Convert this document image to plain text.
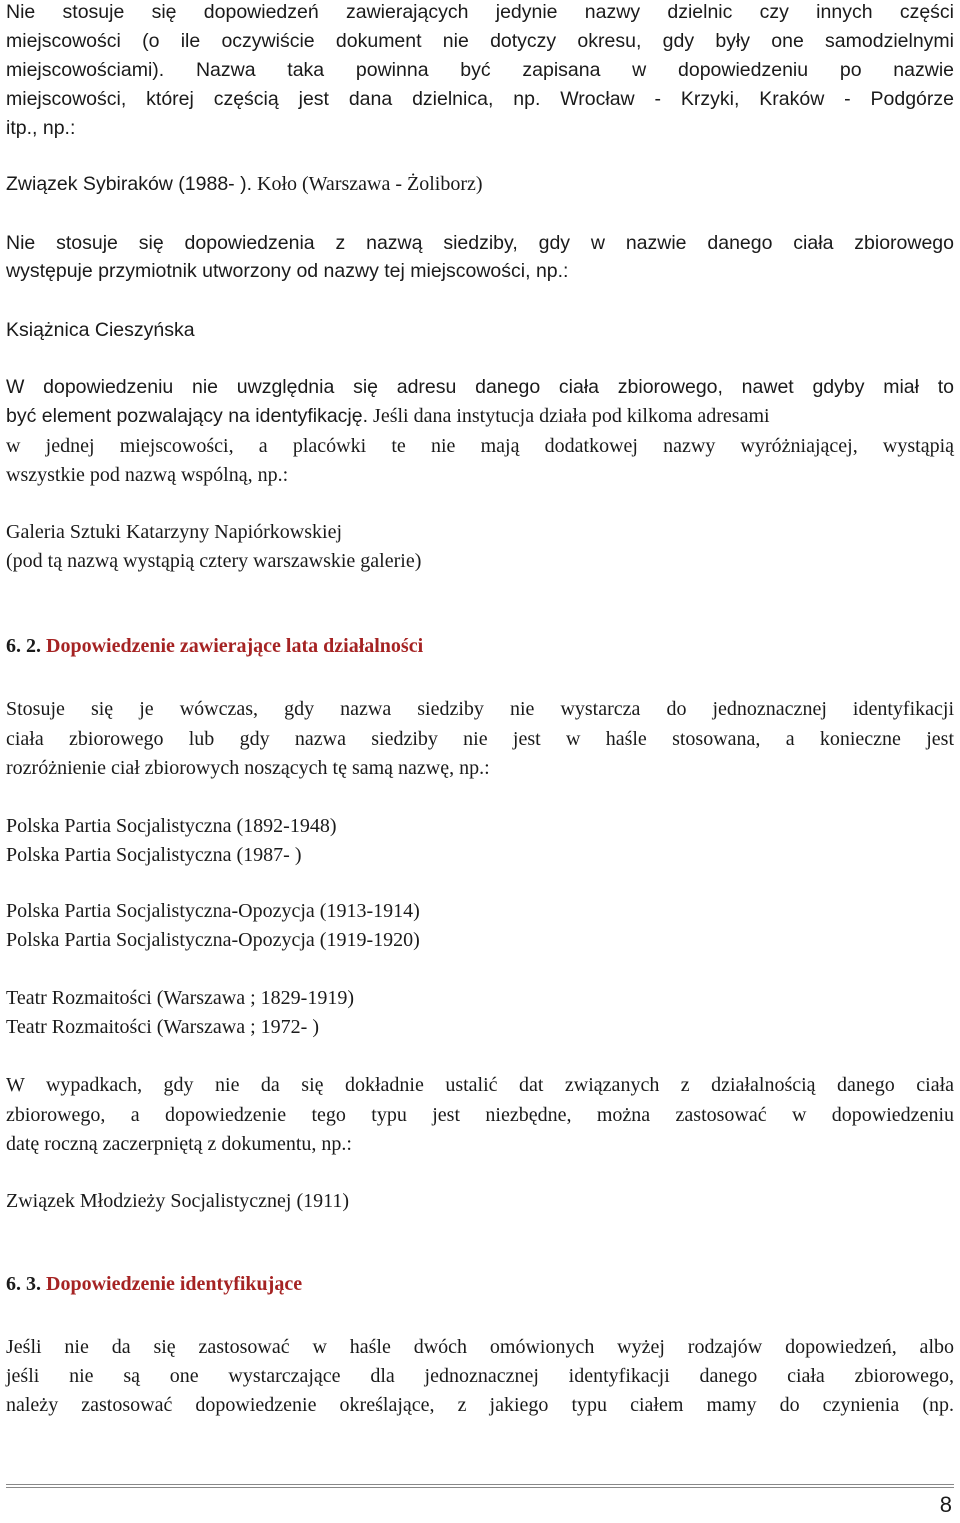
Nie stosuje się dopowiedzeń zawierających jedynie nazwy dzielnic czy innych części

miejscowości (o ile oczywiście dokument nie dotyczy okresu, gdy były one samodzielnymi

miejscowościami). Nazwa taka powinna być zapisana w dopowiedzeniu po nazwie

miejscowości, której częścią jest dana dzielnica, np. Wrocław - Krzyki, Kraków - Podgórze

itp., np.:

Związek Sybiraków (1988- ). Koło (Warszawa - Żoliborz)

Nie stosuje się dopowiedzenia z nazwą siedziby, gdy w nazwie danego ciała zbiorowego

występuje przymiotnik utworzony od nazwy tej miejscowości, np.:

Książnica Cieszyńska

W dopowiedzeniu nie uwzględnia się adresu danego ciała zbiorowego, nawet gdyby miał to

być element pozwalający na identyfikację. Jeśli dana instytucja działa pod kilkoma adresami

w jednej miejscowości, a placówki te nie mają dodatkowej nazwy wyróżniającej, wystąpią

wszystkie pod nazwą wspólną, np.:

Galeria Sztuki Katarzyny Napiórkowskiej

(pod tą nazwą wystąpią cztery warszawskie galerie)

6. 2. Dopowiedzenie zawierające lata działalności

Stosuje się je wówczas, gdy nazwa siedziby nie wystarcza do jednoznacznej identyfikacji

ciała zbiorowego lub gdy nazwa siedziby nie jest w haśle stosowana, a konieczne jest

rozróżnienie ciał zbiorowych noszących tę samą nazwę, np.:

Polska Partia Socjalistyczna (1892-1948)

Polska Partia Socjalistyczna (1987- )

Polska Partia Socjalistyczna-Opozycja (1913-1914)

Polska Partia Socjalistyczna-Opozycja (1919-1920)

Teatr Rozmaitości (Warszawa ; 1829-1919)

Teatr Rozmaitości (Warszawa ; 1972- )

W wypadkach, gdy nie da się dokładnie ustalić dat związanych z działalnością danego ciała

zbiorowego, a dopowiedzenie tego typu jest niezbędne, można zastosować w dopowiedzeniu

datę roczną zaczerpniętą z dokumentu, np.:

Związek Młodzieży Socjalistycznej (1911)

6. 3. Dopowiedzenie identyfikujące

Jeśli nie da się zastosować w haśle dwóch omówionych wyżej rodzajów dopowiedzeń, albo

jeśli nie są one wystarczające dla jednoznacznej identyfikacji danego ciała zbiorowego,

należy zastosować dopowiedzenie określające, z jakiego typu ciałem mamy do czynienia (np.

8
